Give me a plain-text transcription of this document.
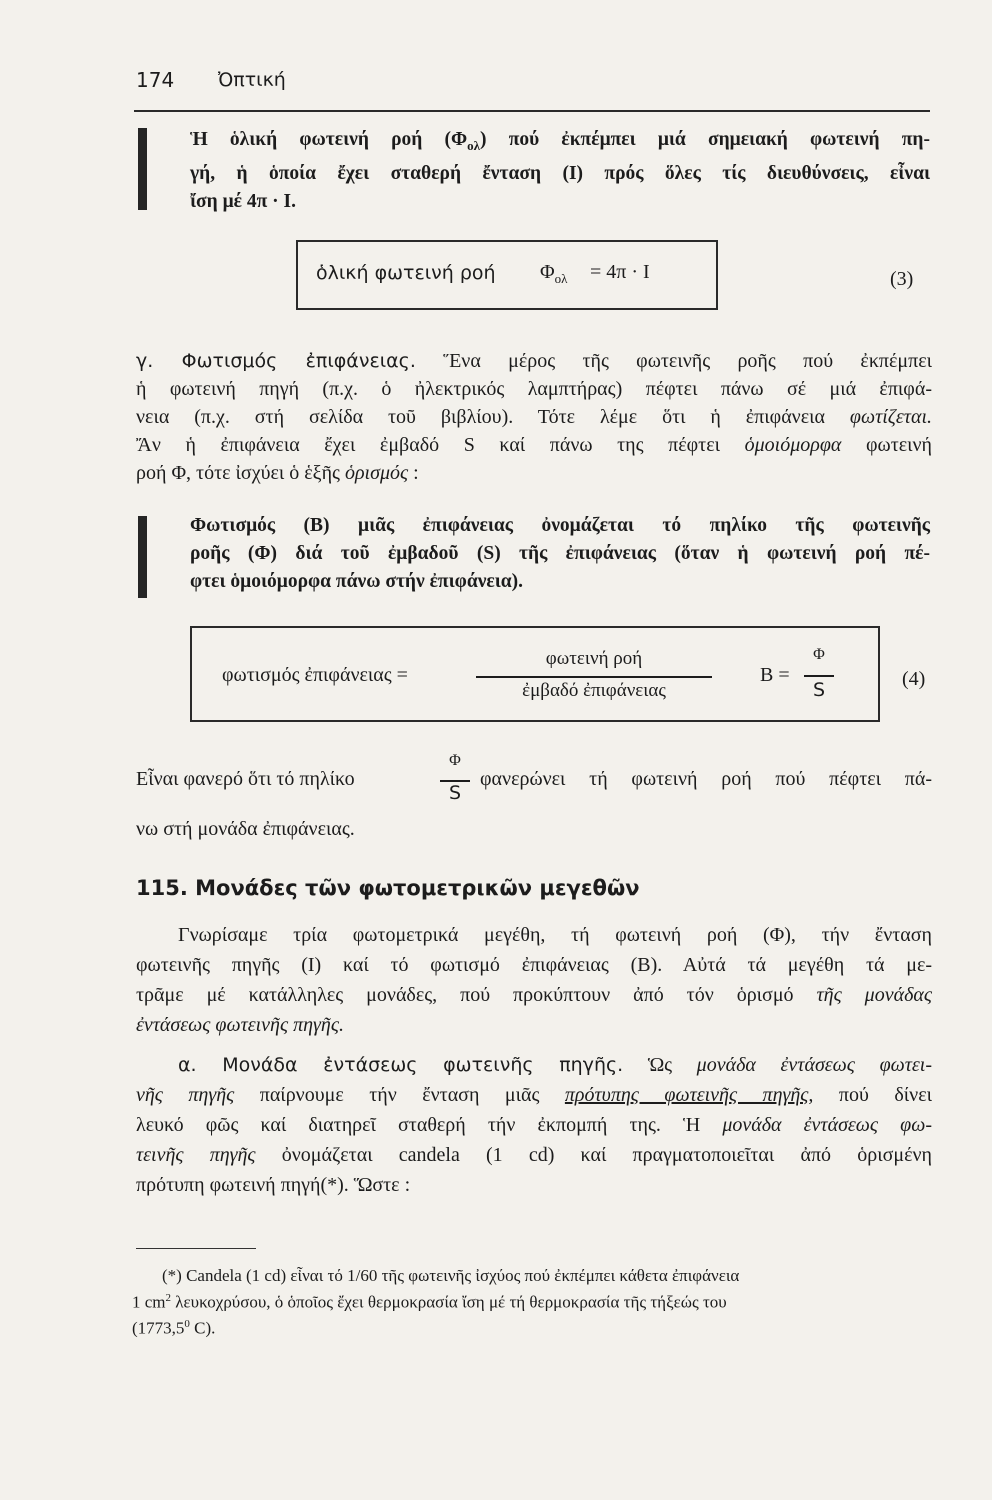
174 Ὀπτική
Ἡ ὁλική φωτεινή ροή $(\Phi_{o\lambda})$ πού ἐκπέμπει μιά σημειακή φωτεινή πη-
γή, ἡ ὁποία ἔχει σταθερή ἔνταση (Ι) πρός ὅλες τίς διευθύνσεις, εἶναι
ἴση μέ 4π · Ι.
ὁλική φωτεινή ροή $\Phi_{o\lambda} = 4\pi \cdot I$	(3)
γ. Φωτισμός ἐπιφάνειας. Ἕνα μέρος τῆς φωτεινῆς ροῆς πού ἐκπέμπει
ἡ φωτεινή πηγή (π.χ. ὁ ἠλεκτρικός λαμπτήρας) πέφτει πάνω σέ μιά ἐπιφά-
νεια (π.χ. στή σελίδα τοῦ βιβλίου). Τότε λέμε ὅτι ἡ ἐπιφάνεια φωτίζεται.
Ἄν ἡ ἐπιφάνεια ἔχει ἐμβαδό S καί πάνω της πέφτει ὁμοιόμορφα φωτεινή
ροή Φ, τότε ἰσχύει ὁ ἑξῆς ὁρισμός :
Φωτισμός (Β) μιᾶς ἐπιφάνειας ὀνομάζεται τό πηλίκο τῆς φωτεινῆς
ροῆς (Φ) διά τοῦ ἐμβαδοῦ (S) τῆς ἐπιφάνειας (ὅταν ἡ φωτεινή ροή πέ-
φτει ὁμοιόμορφα πάνω στήν ἐπιφάνεια).
φωτισμός ἐπιφάνειας =
φωτεινή ροή
ἐμβαδό ἐπιφάνειας
Β =
Φ
S	(4)
Εἶναι φανερό ὅτι τό πηλίκο
Φ
S
φανερώνει τή φωτεινή ροή πού πέφτει πά-
νω στή μονάδα ἐπιφάνειας.
115. Μονάδες τῶν φωτομετρικῶν μεγεθῶν
Γνωρίσαμε τρία φωτομετρικά μεγέθη, τή φωτεινή ροή (Φ), τήν ἔνταση
φωτεινῆς πηγῆς (Ι) καί τό φωτισμό ἐπιφάνειας (Β). Αὐτά τά μεγέθη τά με-
τρᾶμε μέ κατάλληλες μονάδες, πού προκύπτουν ἀπό τόν ὁρισμό τῆς μονάδας
ἐντάσεως φωτεινῆς πηγῆς.
α. Μονάδα ἐντάσεως φωτεινῆς πηγῆς. Ὡς μονάδα ἐντάσεως φωτει-
νῆς πηγῆς παίρνουμε τήν ἔνταση μιᾶς πρότυπης φωτεινῆς πηγῆς, πού δίνει
λευκό φῶς καί διατηρεῖ σταθερή τήν ἐκπομπή της. Ἡ μονάδα ἐντάσεως φω-
τεινῆς πηγῆς ὀνομάζεται candela (1 cd) καί πραγματοποιεῖται ἀπό ὁρισμένη
πρότυπη φωτεινή πηγή(*). Ὥστε :
(*) Candela (1 cd) εἶναι τό 1/60 τῆς φωτεινῆς ἰσχύος πού ἐκπέμπει κάθετα ἐπιφάνεια
1 $cm^2$ λευκοχρύσου, ὁ ὁποῖος ἔχει θερμοκρασία ἴση μέ τή θερμοκρασία τῆς τήξεώς του
(1773,5$^0$ C).
